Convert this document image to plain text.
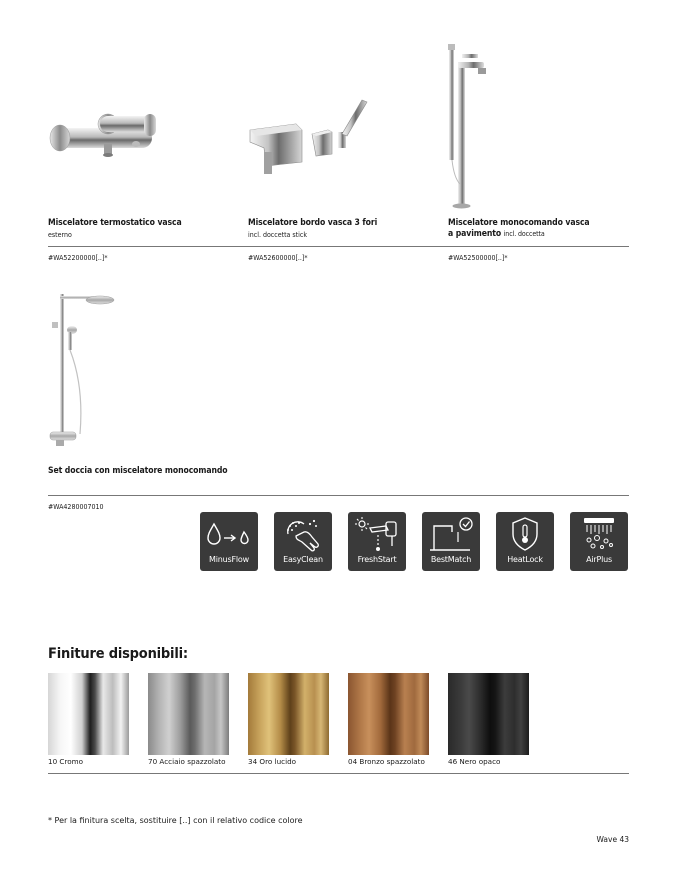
Miscelatore termostatico vasca
esterno
#WA52200000[..]*
Miscelatore bordo vasca 3 fori
incl. doccetta stick
#WA52600000[..]*
Miscelatore monocomando vasca
a pavimento incl. doccetta
#WA52500000[..]*
Set doccia con miscelatore monocomando
#WA4280007010
MinusFlow	EasyClean	FreshStart	BestMatch	HeatLock	AirPlus
Finiture disponibili:
10 Cromo	70 Acciaio spazzolato	34 Oro lucido	04 Bronzo spazzolato	46 Nero opaco
* Per la finitura scelta, sostituire [..] con il relativo codice colore
Wave 43
